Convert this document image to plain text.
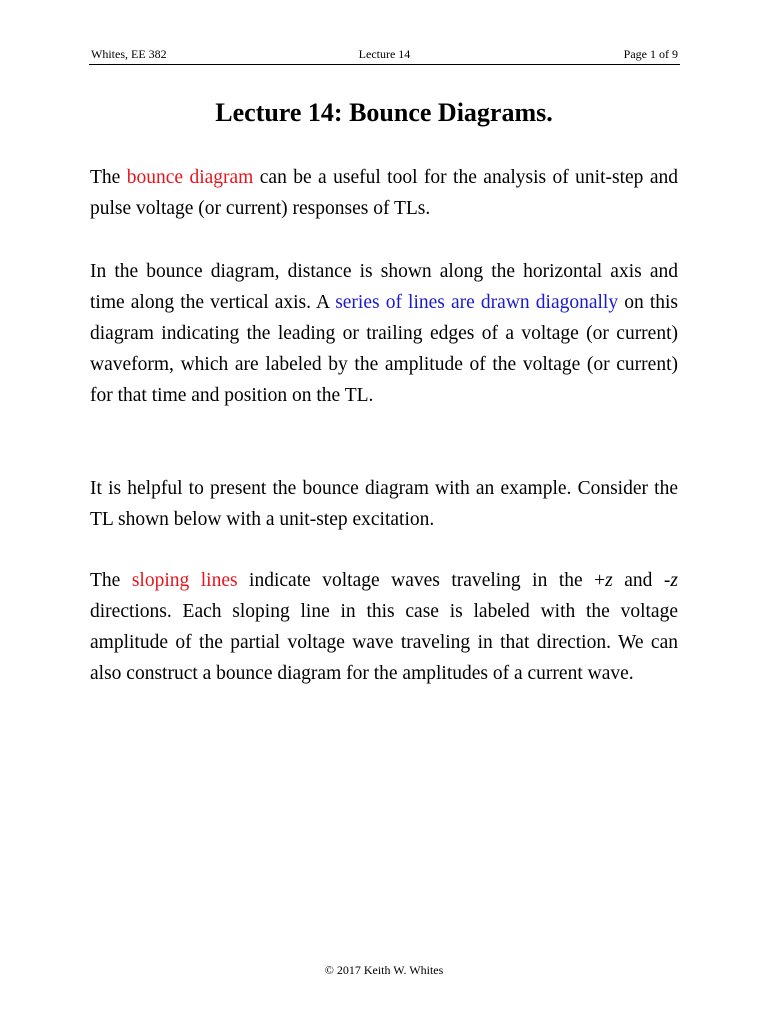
Whites, EE 382	Lecture 14	Page 1 of 9
Lecture 14: Bounce Diagrams.
The bounce diagram can be a useful tool for the analysis of unit-step and pulse voltage (or current) responses of TLs.
In the bounce diagram, distance is shown along the horizontal axis and time along the vertical axis. A series of lines are drawn diagonally on this diagram indicating the leading or trailing edges of a voltage (or current) waveform, which are labeled by the amplitude of the voltage (or current) for that time and position on the TL.
It is helpful to present the bounce diagram with an example. Consider the TL shown below with a unit-step excitation.
The sloping lines indicate voltage waves traveling in the +z and -z directions. Each sloping line in this case is labeled with the voltage amplitude of the partial voltage wave traveling in that direction. We can also construct a bounce diagram for the amplitudes of a current wave.
© 2017 Keith W. Whites
